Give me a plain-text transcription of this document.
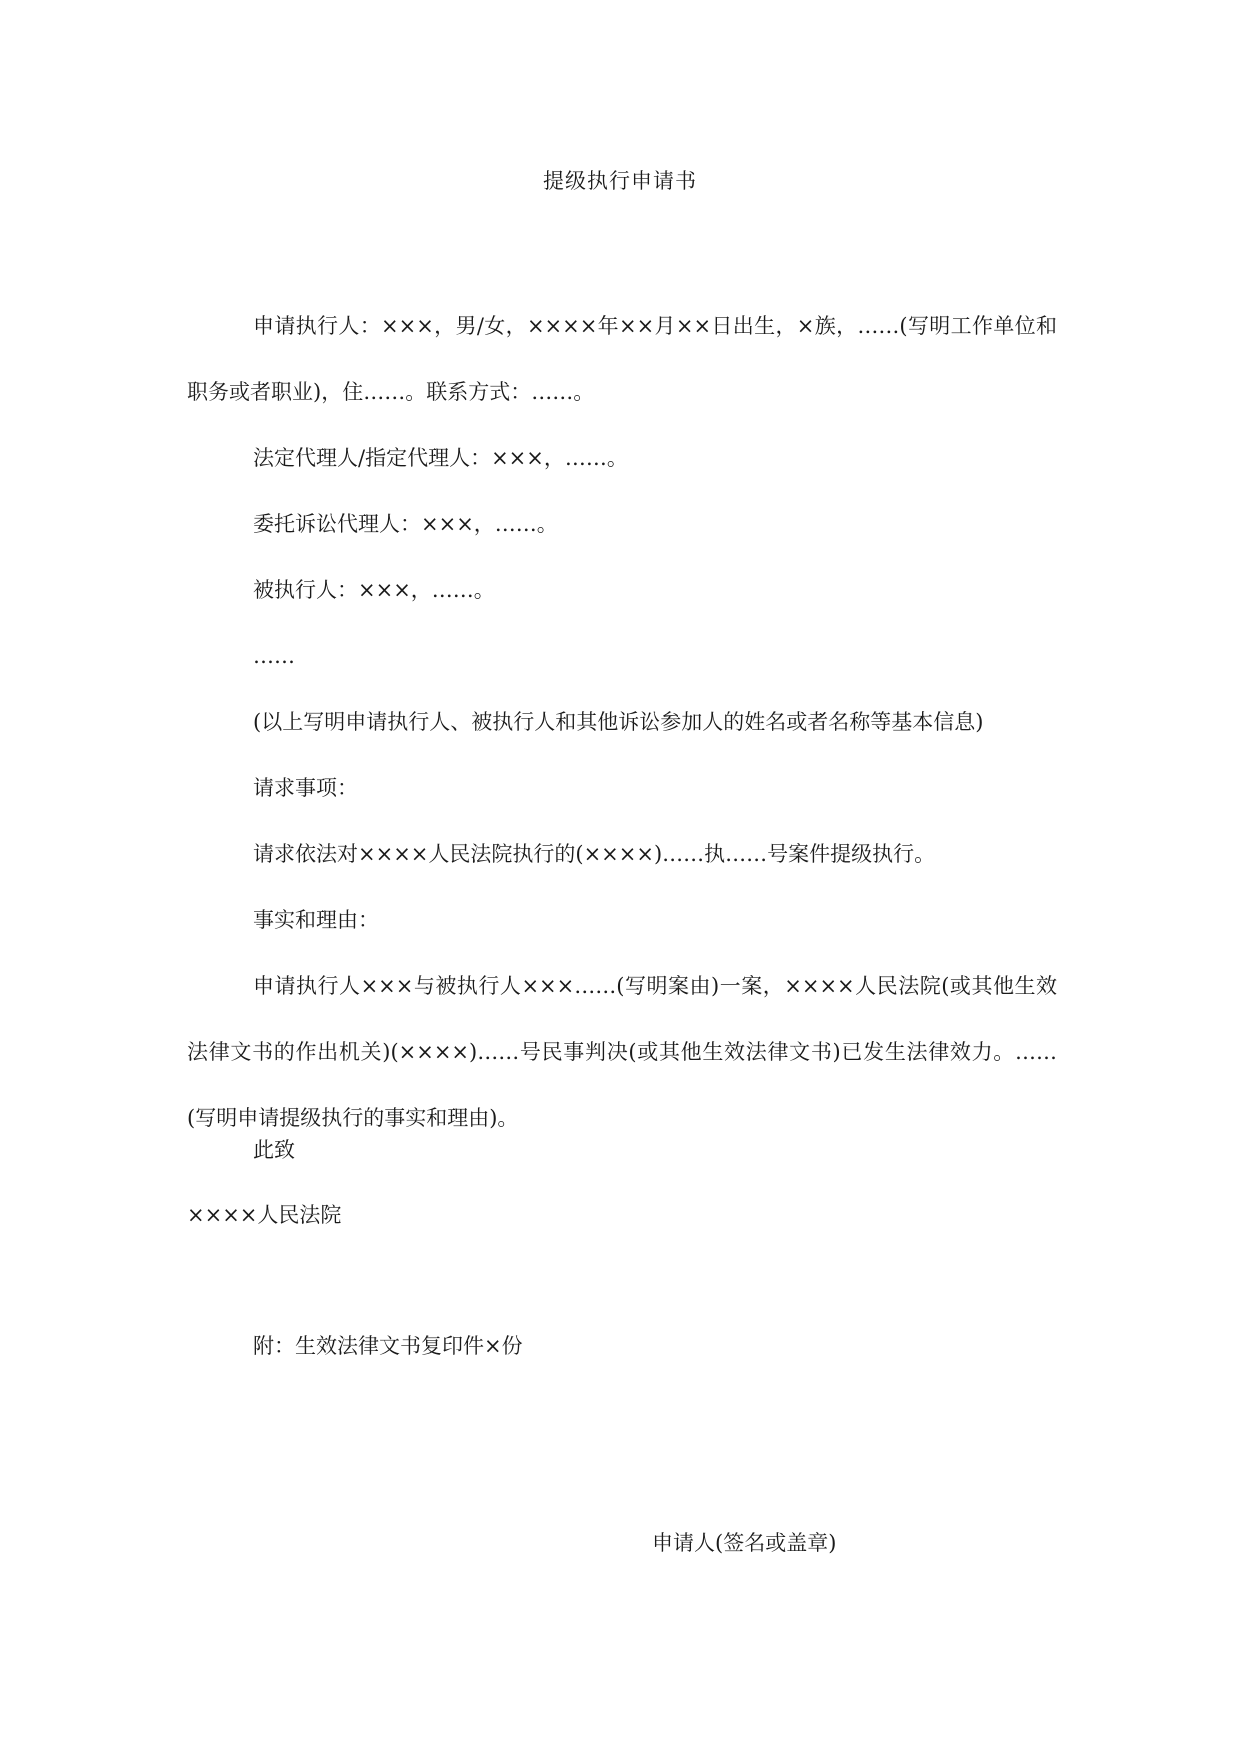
提级执行申请书

申请执行人：×××，男/女，××××年××月××日出生，×族，……(写明工作单位和职务或者职业)，住……。联系方式：……。

法定代理人/指定代理人：×××，……。

委托诉讼代理人：×××，……。

被执行人：×××，……。

……

(以上写明申请执行人、被执行人和其他诉讼参加人的姓名或者名称等基本信息)

请求事项：

请求依法对××××人民法院执行的(××××)……执……号案件提级执行。

事实和理由：

申请执行人×××与被执行人×××……(写明案由)一案，××××人民法院(或其他生效法律文书的作出机关)(××××)……号民事判决(或其他生效法律文书)已发生法律效力。……(写明申请提级执行的事实和理由)。

此致
××××人民法院
附：生效法律文书复印件×份
申请人(签名或盖章)
